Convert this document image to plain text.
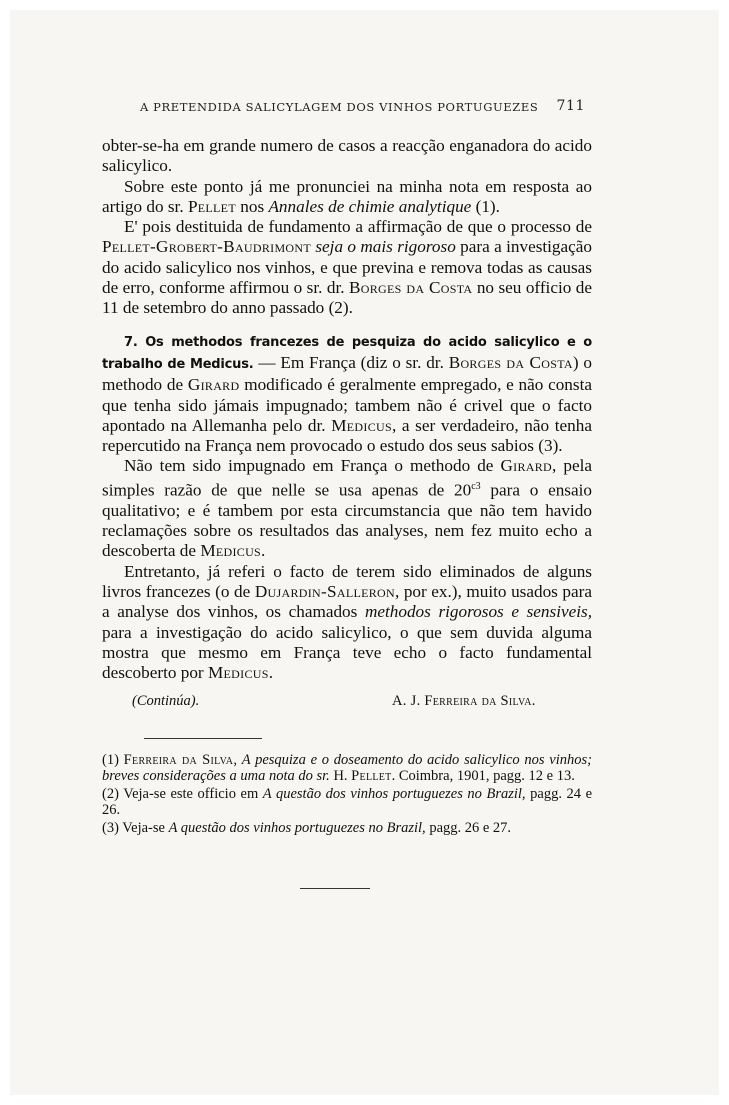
A PRETENDIDA SALICYLAGEM DOS VINHOS PORTUGUEZES 711

obter-se-ha em grande numero de casos a reacção enganadora do acido salicylico.

Sobre este ponto já me pronunciei na minha nota em resposta ao artigo do sr. Pellet nos Annales de chimie analytique (1).

E' pois destituida de fundamento a affirmação de que o processo de Pellet-Grobert-Baudrimont seja o mais rigoroso para a investigação do acido salicylico nos vinhos, e que previna e remova todas as causas de erro, conforme affirmou o sr. dr. Borges da Costa no seu officio de 11 de setembro do anno passado (2).

7. Os methodos francezes de pesquiza do acido salicylico e o trabalho de Medicus. — Em França (diz o sr. dr. Borges da Costa) o methodo de Girard modificado é geralmente empregado, e não consta que tenha sido jámais impugnado; tambem não é crivel que o facto apontado na Allemanha pelo dr. Medicus, a ser verdadeiro, não tenha repercutido na França nem provocado o estudo dos seus sabios (3).

Não tem sido impugnado em França o methodo de Girard, pela simples razão de que nelle se usa apenas de $20^{c3}$ para o ensaio qualitativo; e é tambem por esta circumstancia que não tem havido reclamações sobre os resultados das analyses, nem fez muito echo a descoberta de Medicus.

Entretanto, já referi o facto de terem sido eliminados de alguns livros francezes (o de Dujardin-Salleron, por ex.), muito usados para a analyse dos vinhos, os chamados methodos rigorosos e sensiveis, para a investigação do acido salicylico, o que sem duvida alguma mostra que mesmo em França teve echo o facto fundamental descoberto por Medicus.

(Continúa).	A. J. Ferreira da Silva.

(1) Ferreira da Silva, A pesquiza e o doseamento do acido salicylico nos vinhos; breves considerações a uma nota do sr. H. Pellet. Coimbra, 1901, pagg. 12 e 13.

(2) Veja-se este officio em A questão dos vinhos portuguezes no Brazil, pagg. 24 e 26.

(3) Veja-se A questão dos vinhos portuguezes no Brazil, pagg. 26 e 27.
